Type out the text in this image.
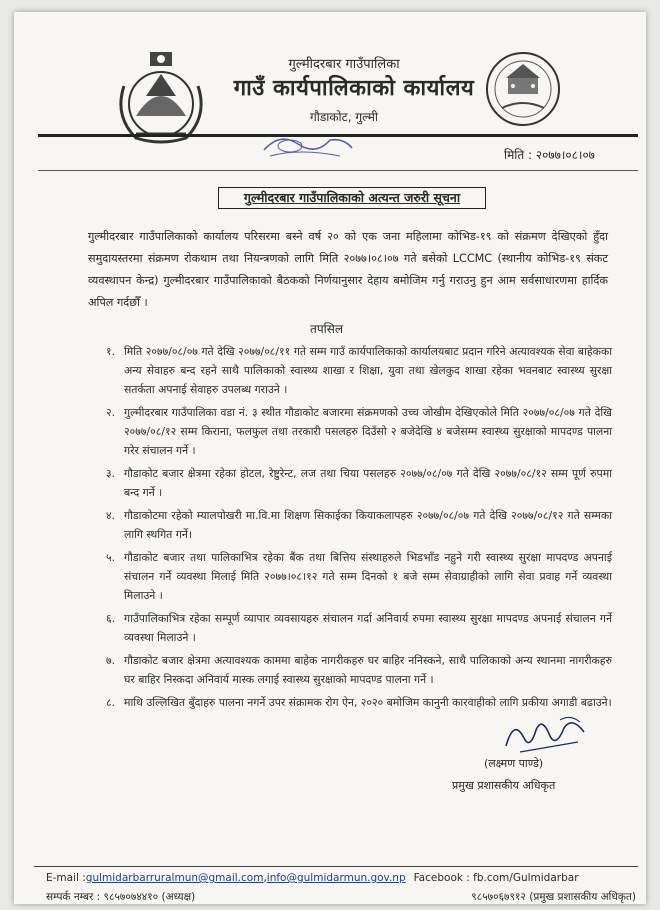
गुल्मीदरबार गाउँपालिका
गाउँ कार्यपालिकाको कार्यालय
गौडाकोट, गुल्मी
मिति : २०७७।०८।०७
गुल्मीदरबार गाउँपालिकाको अत्यन्त जरुरी सूचना
गुल्मीदरबार गाउँपालिकाको कार्यालय परिसरमा बस्ने वर्ष २० को एक जना महिलामा कोभिड-१९ को संक्रमण देखिएको हुँदा समुदायस्तरमा संक्रमण रोकथाम तथा नियन्त्रणको लागि मिति २०७७।०८।०७ गते बसेको LCCMC (स्थानीय कोभिड-१९ संकट व्यवस्थापन केन्द्र) गुल्मीदरबार गाउँपालिकाको बैठकको निर्णयानुसार देहाय बमोजिम गर्नु गराउनु हुन आम सर्वसाधारणमा हार्दिक अपिल गर्दछौँ ।
तपसिल
१. मिति २०७७/०८/०७ गते देखि २०७७/०८/११ गते सम्म गाउँ कार्यपालिकाको कार्यालयबाट प्रदान गरिने अत्यावश्यक सेवा बाहेकका अन्य सेवाहरु बन्द रहने साथै पालिकाको स्वास्थ्य शाखा र शिक्षा, युवा तथा खेलकुद शाखा रहेका भवनबाट स्वास्थ्य सुरक्षा सतर्कता अपनाई सेवाहरु उपलब्ध गराउने ।
२. गुल्मीदरबार गाउँपालिका वडा नं. ३ स्थीत गौडाकोट बजारमा संक्रमणको उच्च जोखीम देखिएकोले मिति २०७७/०८/०७ गते देखि २०७७/०८/१२ सम्म किराना, फलफुल तथा तरकारी पसलहरु दिउँसो २ बजेदेखि ४ बजेसम्म स्वास्थ्य सुरक्षाको मापदण्ड पालना गरेर संचालन गर्ने ।
३. गौडाकोट बजार क्षेत्रमा रहेका होटल, रेष्टुरेन्ट, लज तथा चिया पसलहरु २०७७/०८/०७ गते देखि २०७७/०८/१२ सम्म पूर्ण रुपमा बन्द गर्ने ।
४. गौडाकोटमा रहेको म्यालपोखरी मा.वि.मा शिक्षण सिकाईका कियाकलापहरु २०७७/०८/०७ गते देखि २०७७/०८/१२ गते सम्मका लागि स्थगित गर्ने।
५. गौडाकोट बजार तथा पालिकाभित्र रहेका बैंक तथा बित्तिय संस्थाहरुले भिडभाँड नहुने गरी स्वास्थ्य सुरक्षा मापदण्ड अपनाई संचालन गर्ने व्यवस्था मिलाई मिति २०७७।०८।१२ गते सम्म दिनको १ बजे सम्म सेवाग्राहीको लागि सेवा प्रवाह गर्ने व्यवस्था मिलाउने ।
६. गाउँपालिकाभित्र रहेका सम्पूर्ण व्यापार व्यवसायहरु संचालन गर्दा अनिवार्य रुपमा स्वास्थ्य सुरक्षा मापदण्ड अपनाई संचालन गर्ने व्यवस्था मिलाउने ।
७. गौडाकोट बजार क्षेत्रमा अत्यावश्यक काममा बाहेक नागरीकहरु घर बाहिर ननिस्कने, साथै पालिकाको अन्य स्थानमा नागरीकहरु घर बाहिर निस्कदा अनिवार्य मास्क लगाई स्वास्थ्य सुरक्षाको मापदण्ड पालना गर्ने ।
८. माथि उल्लिखित बुँदाहरु पालना नगर्ने उपर संक्रामक रोग ऐन, २०२० बमोजिम कानुनी कारवाहीको लागि प्रकीया अगाडी बढाउने।
(लक्ष्मण पाण्डे)
प्रमुख प्रशासकीय अधिकृत
E-mail : gulmidarbarruralmun@gmail.com , info@gulmidarmun.gov.np Facebook : fb.com/Gulmidarbar
सम्पर्क नम्बर : ९८५७०७४४१० (अध्यक्ष)	९८५७०६७९१२ (प्रमुख प्रशासकीय अधिकृत)
